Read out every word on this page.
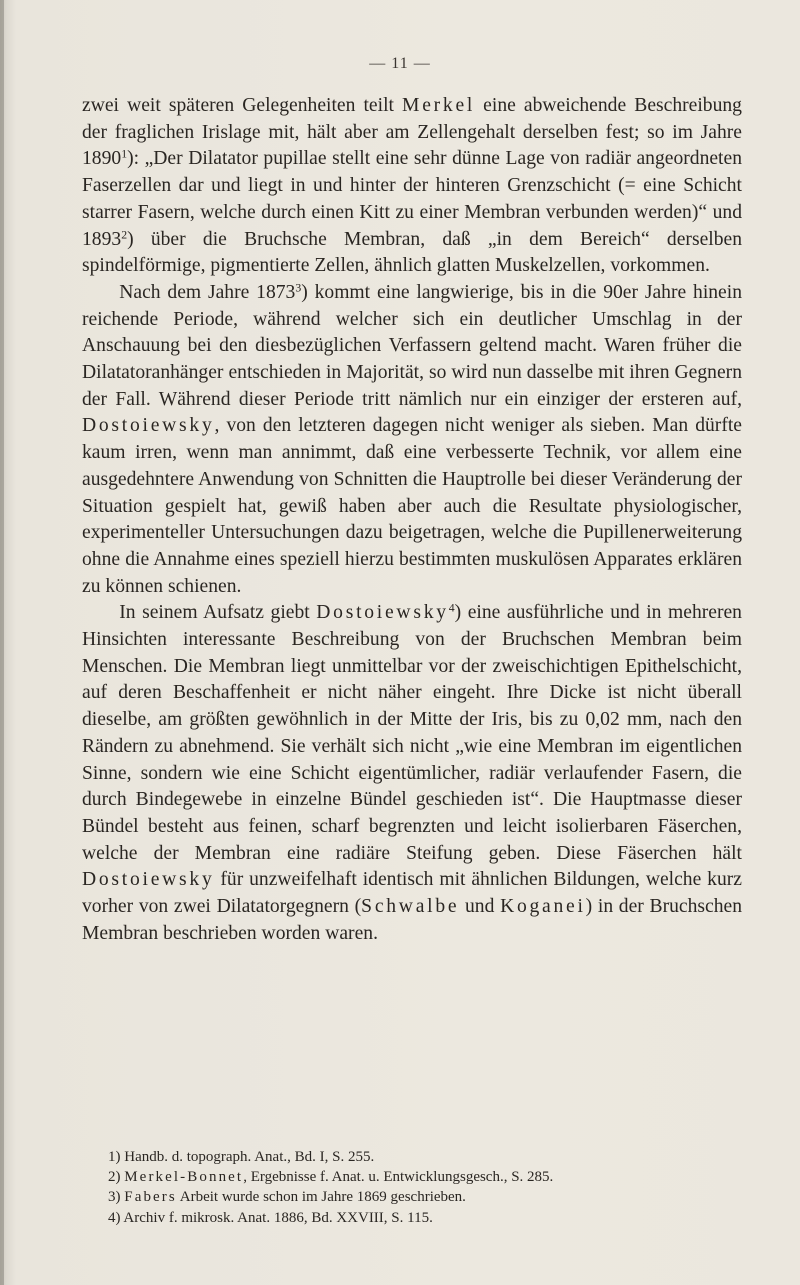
— 11 —

zwei weit späteren Gelegenheiten teilt Merkel eine abweichende Beschreibung der fraglichen Irislage mit, hält aber am Zellengehalt derselben fest; so im Jahre 1890$^1$): „Der Dilatator pupillae stellt eine sehr dünne Lage von radiär angeordneten Faserzellen dar und liegt in und hinter der hinteren Grenzschicht (= eine Schicht starrer Fasern, welche durch einen Kitt zu einer Membran verbunden werden)“ und 1893$^2$) über die Bruchsche Membran, daß „in dem Bereich“ derselben spindelförmige, pigmentierte Zellen, ähnlich glatten Muskelzellen, vorkommen.

Nach dem Jahre 1873$^3$) kommt eine langwierige, bis in die 90er Jahre hinein reichende Periode, während welcher sich ein deutlicher Umschlag in der Anschauung bei den diesbezüglichen Verfassern geltend macht. Waren früher die Dilatatoranhänger entschieden in Majorität, so wird nun dasselbe mit ihren Gegnern der Fall. Während dieser Periode tritt nämlich nur ein einziger der ersteren auf, Dostoiewsky, von den letzteren dagegen nicht weniger als sieben. Man dürfte kaum irren, wenn man annimmt, daß eine verbesserte Technik, vor allem eine ausgedehntere Anwendung von Schnitten die Hauptrolle bei dieser Veränderung der Situation gespielt hat, gewiß haben aber auch die Resultate physiologischer, experimenteller Untersuchungen dazu beigetragen, welche die Pupillenerweiterung ohne die Annahme eines speziell hierzu bestimmten muskulösen Apparates erklären zu können schienen.

In seinem Aufsatz giebt Dostoiewsky$^4$) eine ausführliche und in mehreren Hinsichten interessante Beschreibung von der Bruchschen Membran beim Menschen. Die Membran liegt unmittelbar vor der zweischichtigen Epithelschicht, auf deren Beschaffenheit er nicht näher eingeht. Ihre Dicke ist nicht überall dieselbe, am größten gewöhnlich in der Mitte der Iris, bis zu 0,02 mm, nach den Rändern zu abnehmend. Sie verhält sich nicht „wie eine Membran im eigentlichen Sinne, sondern wie eine Schicht eigentümlicher, radiär verlaufender Fasern, die durch Bindegewebe in einzelne Bündel geschieden ist“. Die Hauptmasse dieser Bündel besteht aus feinen, scharf begrenzten und leicht isolierbaren Fäserchen, welche der Membran eine radiäre Steifung geben. Diese Fäserchen hält Dostoiewsky für unzweifelhaft identisch mit ähnlichen Bildungen, welche kurz vorher von zwei Dilatatorgegnern (Schwalbe und Koganei) in der Bruchschen Membran beschrieben worden waren.

1) Handb. d. topograph. Anat., Bd. I, S. 255.
2) Merkel-Bonnet, Ergebnisse f. Anat. u. Entwicklungsgesch., S. 285.
3) Fabers Arbeit wurde schon im Jahre 1869 geschrieben.
4) Archiv f. mikrosk. Anat. 1886, Bd. XXVIII, S. 115.
